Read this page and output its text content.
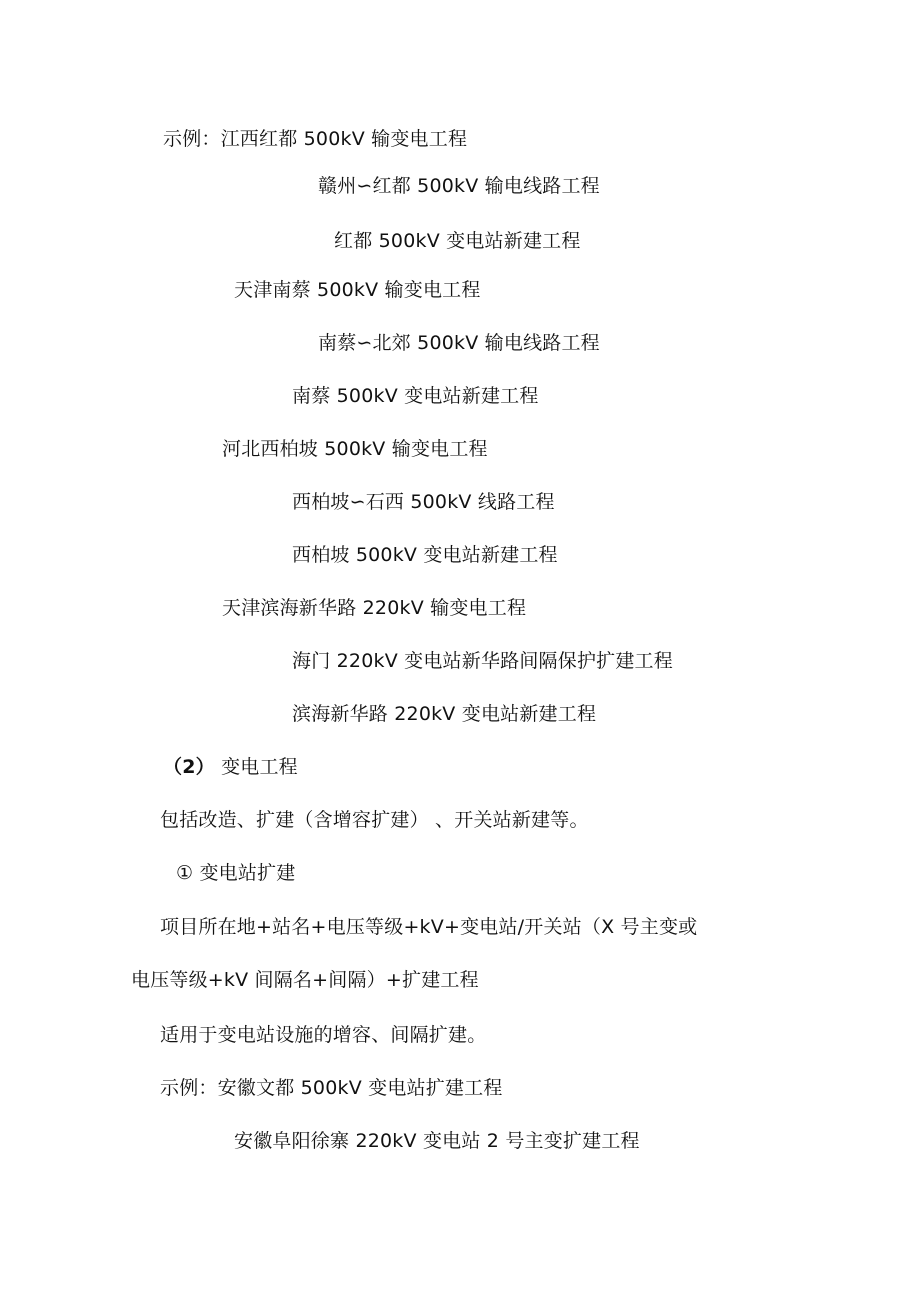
示例：江西红都 500kV 输变电工程
赣州∽红都 500kV 输电线路工程
红都 500kV 变电站新建工程
天津南蔡 500kV 输变电工程
南蔡∽北郊 500kV 输电线路工程
南蔡 500kV 变电站新建工程
河北西柏坡 500kV 输变电工程
西柏坡∽石西 500kV 线路工程
西柏坡 500kV 变电站新建工程
天津滨海新华路 220kV 输变电工程
海门 220kV 变电站新华路间隔保护扩建工程
滨海新华路 220kV 变电站新建工程
（2） 变电工程
包括改造、扩建（含增容扩建） 、开关站新建等。
① 变电站扩建
项目所在地+站名+电压等级+kV+变电站/开关站（X 号主变或
电压等级+kV 间隔名+间隔）+扩建工程
适用于变电站设施的增容、间隔扩建。
示例：安徽文都 500kV 变电站扩建工程
安徽阜阳徐寨 220kV 变电站 2 号主变扩建工程
